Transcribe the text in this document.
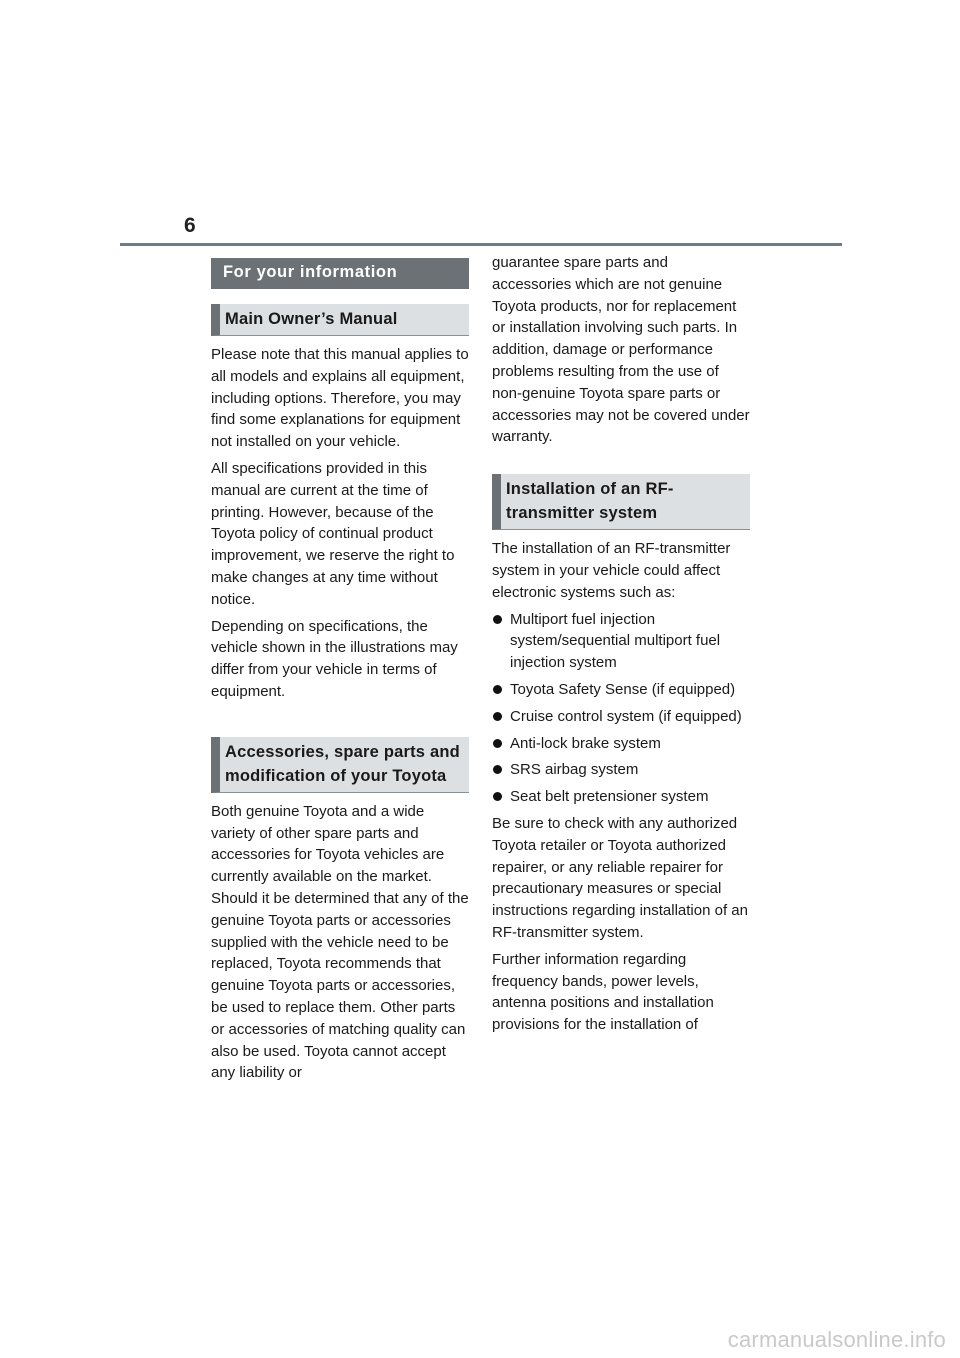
6
For your information
Main Owner’s Manual

Please note that this manual applies to all models and explains all equipment, including options. Therefore, you may find some explanations for equipment not installed on your vehicle.

All specifications provided in this manual are current at the time of printing. However, because of the Toyota policy of continual product improvement, we reserve the right to make changes at any time without notice.

Depending on specifications, the vehicle shown in the illustrations may differ from your vehicle in terms of equipment.

Accessories, spare parts and modification of your Toyota

Both genuine Toyota and a wide variety of other spare parts and accessories for Toyota vehicles are currently available on the market. Should it be determined that any of the genuine Toyota parts or accessories supplied with the vehicle need to be replaced, Toyota recommends that genuine Toyota parts or accessories, be used to replace them. Other parts or accessories of matching quality can also be used. Toyota cannot accept any liability or

guarantee spare parts and accessories which are not genuine Toyota products, nor for replacement or installation involving such parts. In addition, damage or performance problems resulting from the use of non-genuine Toyota spare parts or accessories may not be covered under warranty.

Installation of an RF-transmitter system

The installation of an RF-transmitter system in your vehicle could affect electronic systems such as:

Multiport fuel injection system/sequential multiport fuel injection system
Toyota Safety Sense (if equipped)
Cruise control system (if equipped)
Anti-lock brake system
SRS airbag system
Seat belt pretensioner system

Be sure to check with any authorized Toyota retailer or Toyota authorized repairer, or any reliable repairer for precautionary measures or special instructions regarding installation of an RF-transmitter system.

Further information regarding frequency bands, power levels, antenna positions and installation provisions for the installation of

carmanualsonline.info
